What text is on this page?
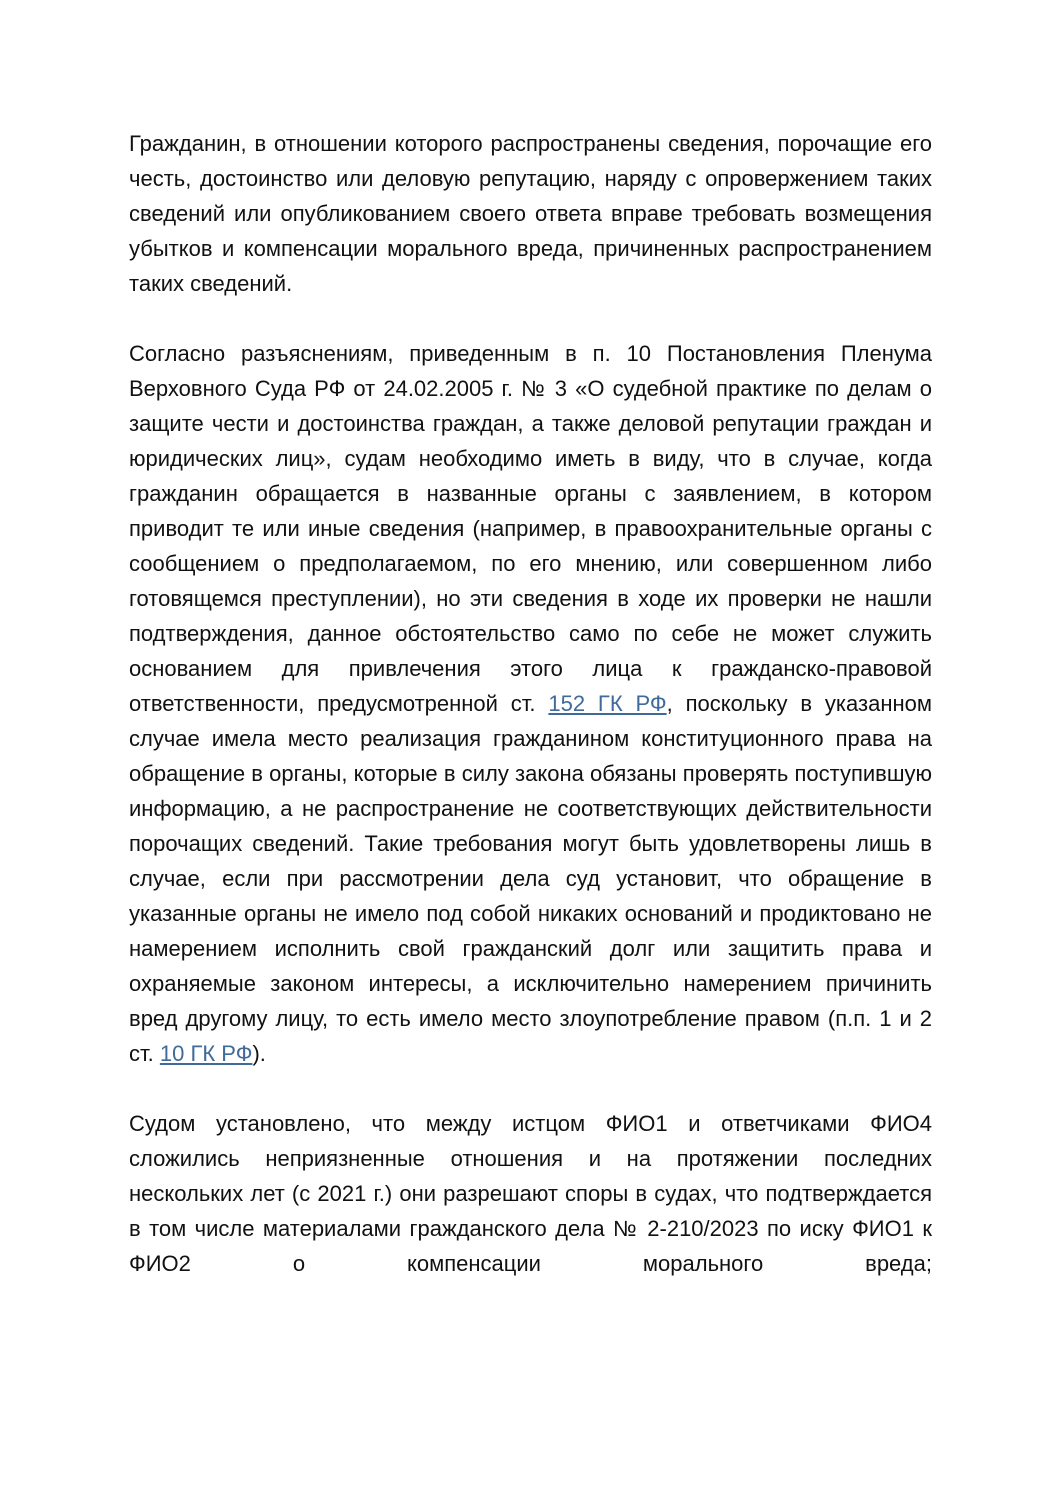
Гражданин, в отношении которого распространены сведения, порочащие его честь, достоинство или деловую репутацию, наряду с опровержением таких сведений или опубликованием своего ответа вправе требовать возмещения убытков и компенсации морального вреда, причиненных распространением таких сведений.

Согласно разъяснениям, приведенным в п. 10 Постановления Пленума Верховного Суда РФ от 24.02.2005 г. № 3 «О судебной практике по делам о защите чести и достоинства граждан, а также деловой репутации граждан и юридических лиц», судам необходимо иметь в виду, что в случае, когда гражданин обращается в названные органы с заявлением, в котором приводит те или иные сведения (например, в правоохранительные органы с сообщением о предполагаемом, по его мнению, или совершенном либо готовящемся преступлении), но эти сведения в ходе их проверки не нашли подтверждения, данное обстоятельство само по себе не может служить основанием для привлечения этого лица к гражданско-правовой ответственности, предусмотренной ст. 152 ГК РФ, поскольку в указанном случае имела место реализация гражданином конституционного права на обращение в органы, которые в силу закона обязаны проверять поступившую информацию, а не распространение не соответствующих действительности порочащих сведений. Такие требования могут быть удовлетворены лишь в случае, если при рассмотрении дела суд установит, что обращение в указанные органы не имело под собой никаких оснований и продиктовано не намерением исполнить свой гражданский долг или защитить права и охраняемые законом интересы, а исключительно намерением причинить вред другому лицу, то есть имело место злоупотребление правом (п.п. 1 и 2 ст. 10 ГК РФ).

Судом установлено, что между истцом ФИО1 и ответчиками ФИО4 сложились неприязненные отношения и на протяжении последних нескольких лет (с 2021 г.) они разрешают споры в судах, что подтверждается в том числе материалами гражданского дела № 2-210/2023 по иску ФИО1 к ФИО2 о компенсации морального вреда;
